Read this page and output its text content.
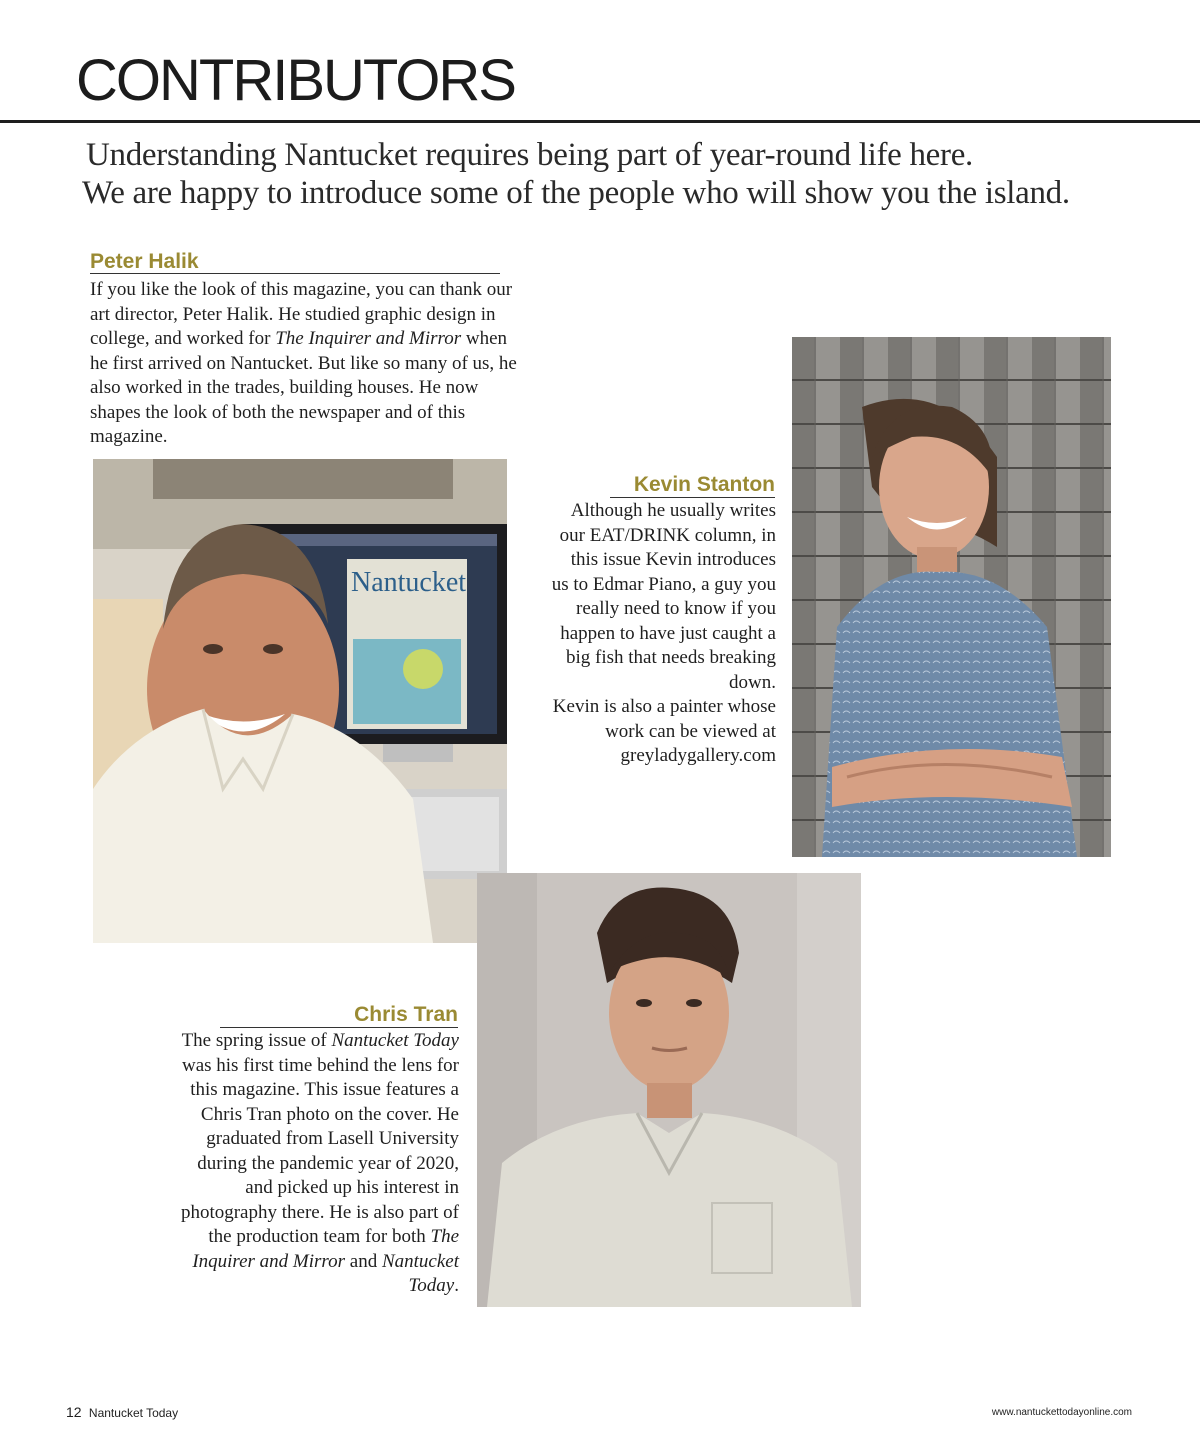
CONTRIBUTORS
Understanding Nantucket requires being part of year-round life here.
We are happy to introduce some of the people who will show you the island.
Peter Halik

If you like the look of this magazine, you can thank our art director, Peter Halik. He studied graphic design in college, and worked for The Inquirer and Mirror when he first arrived on Nantucket. But like so many of us, he also worked in the trades, building houses. He now shapes the look of both the newspaper and of this magazine.

Nantucket
Kevin Stanton

Although he usually writes our EAT/DRINK column, in this issue Kevin introduces us to Edmar Piano, a guy you really need to know if you happen to have just caught a big fish that needs breaking down.

Kevin is also a painter whose work can be viewed at greyladygallery.com

Chris Tran

The spring issue of Nantucket Today was his first time behind the lens for this magazine. This issue features a Chris Tran photo on the cover. He graduated from Lasell University during the pandemic year of 2020, and picked up his interest in photography there. He is also part of the production team for both The Inquirer and Mirror and Nantucket Today.

12 Nantucket Today	www.nantuckettodayonline.com
